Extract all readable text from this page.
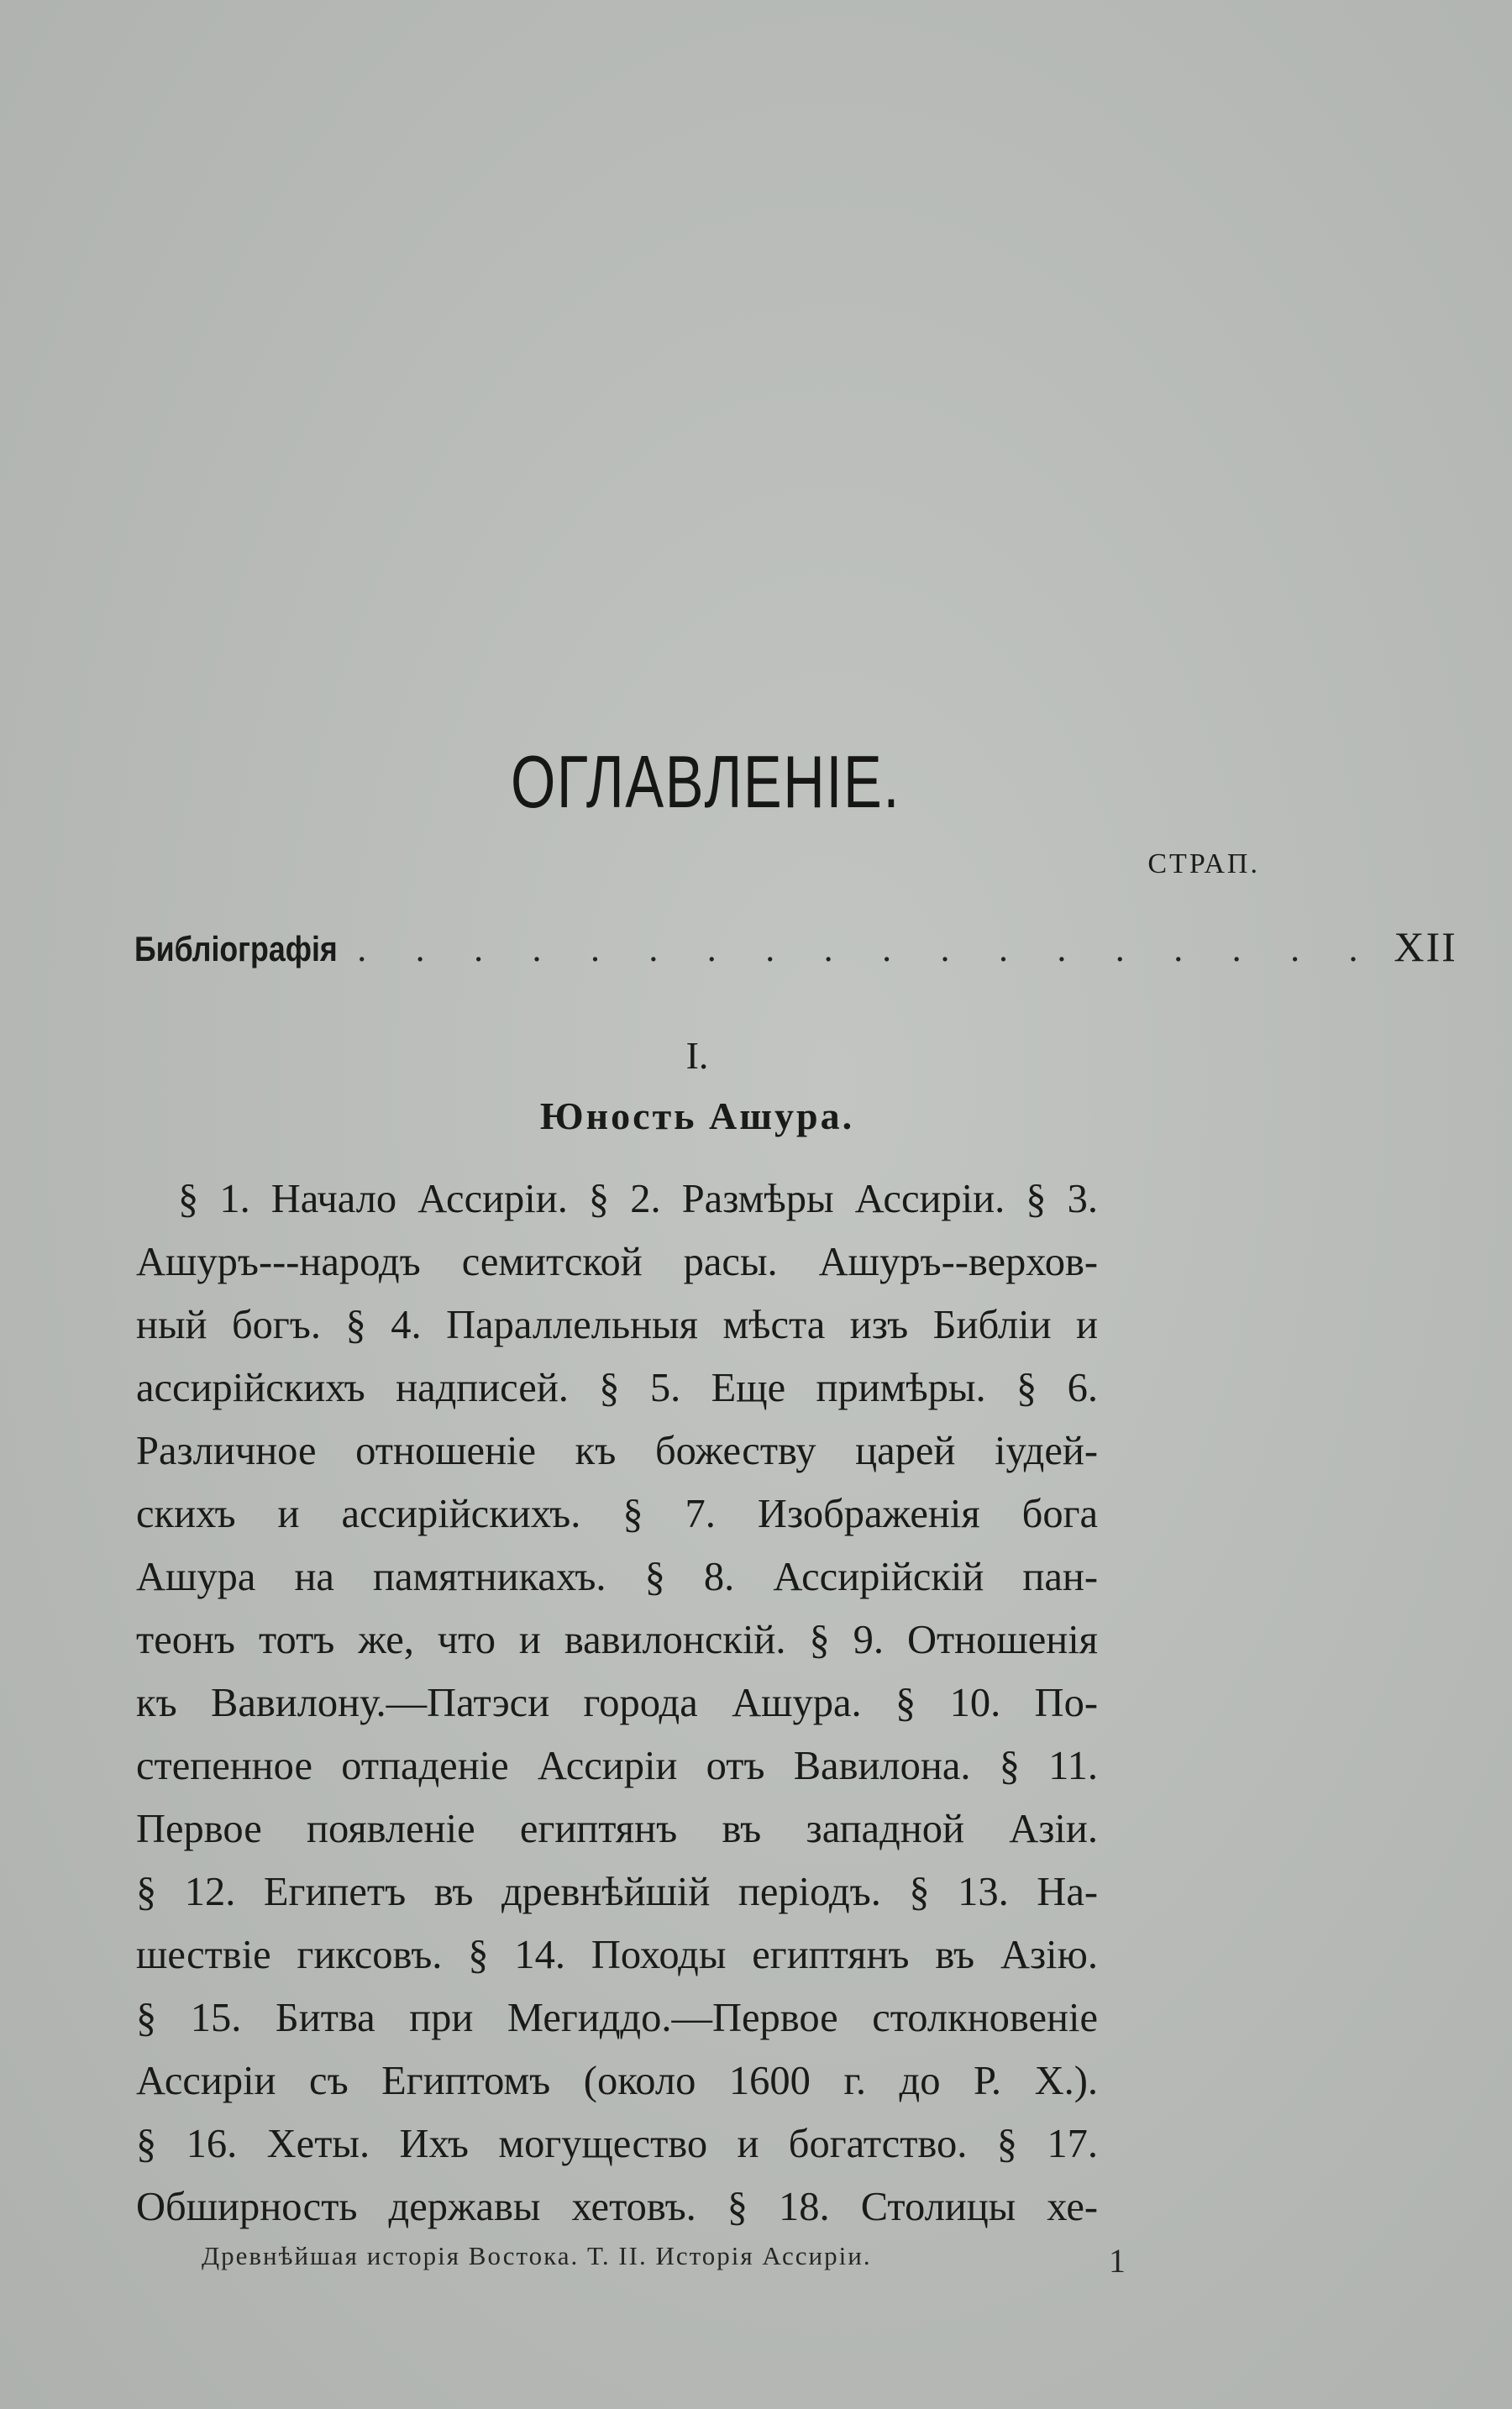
ОГЛАВЛЕНІЕ.
СТРАП.
Библіографія . . . . . . . . . . . . . . . . . . XII
I.
Юность Ашура.
§ 1. Начало Ассиріи. § 2. Размѣры Ассиріи. § 3.
Ашуръ---народъ семитской расы. Ашуръ--верхов-
ный богъ. § 4. Параллельныя мѣста изъ Библіи и
ассирійскихъ надписей. § 5. Еще примѣры. § 6.
Различное отношеніе къ божеству царей іудей-
скихъ и ассирійскихъ. § 7. Изображенія бога
Ашура на памятникахъ. § 8. Ассирійскій пан-
теонъ тотъ же, что и вавилонскій. § 9. Отношенія
къ Вавилону.—Патэси города Ашура. § 10. По-
степенное отпаденіе Ассиріи отъ Вавилона. § 11.
Первое появленіе египтянъ въ западной Азіи.
§ 12. Египетъ въ древнѣйшій періодъ. § 13. На-
шествіе гиксовъ. § 14. Походы египтянъ въ Азію.
§ 15. Битва при Мегиддо.—Первое столкновеніе
Ассиріи съ Египтомъ (около 1600 г. до Р. Х.).
§ 16. Хеты. Ихъ могущество и богатство. § 17.
Обширность державы хетовъ. § 18. Столицы хе-
Древнѣйшая исторія Востока. Т. II. Исторія Ассиріи.	1
